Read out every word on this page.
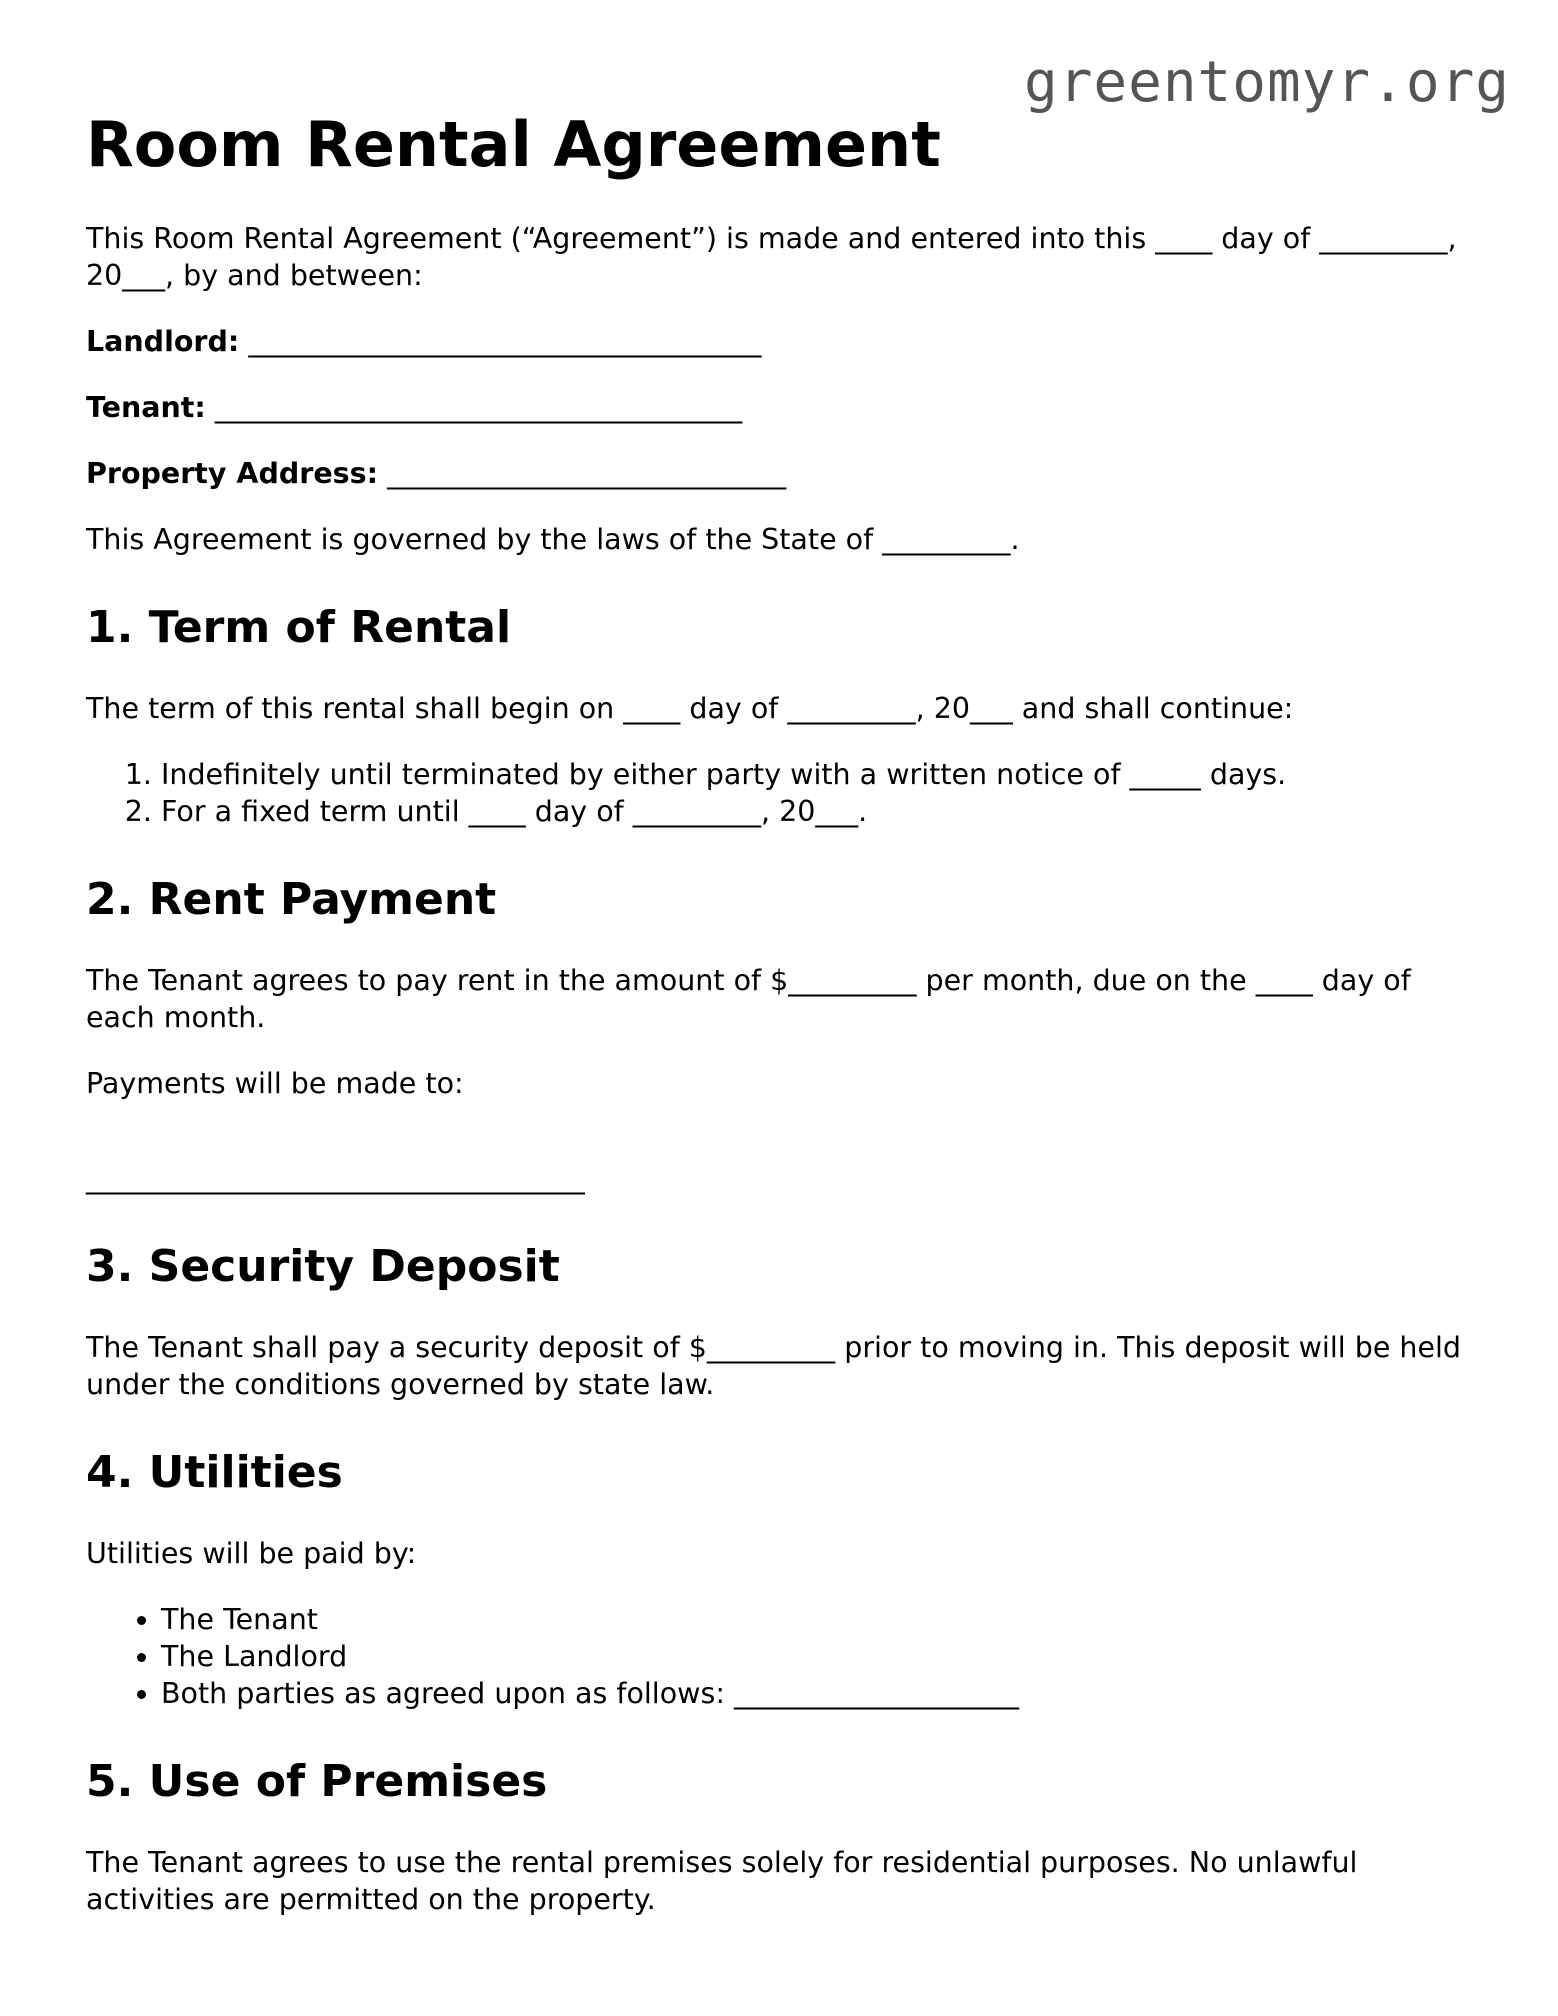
greentomyr.org
Room Rental Agreement

This Room Rental Agreement (“Agreement”) is made and entered into this ____ day of _________, 20___, by and between:

Landlord: ____________________________________

Tenant: _____________________________________

Property Address: ____________________________

This Agreement is governed by the laws of the State of _________.

1. Term of Rental

The term of this rental shall begin on ____ day of _________, 20___ and shall continue:

1. Indefinitely until terminated by either party with a written notice of _____ days.
2. For a fixed term until ____ day of _________, 20___.
2. Rent Payment

The Tenant agrees to pay rent in the amount of $_________ per month, due on the ____ day of each month.

Payments will be made to:

___________________________________
3. Security Deposit

The Tenant shall pay a security deposit of $_________ prior to moving in. This deposit will be held under the conditions governed by state law.

4. Utilities

Utilities will be paid by:

• The Tenant
• The Landlord
• Both parties as agreed upon as follows: ____________________
5. Use of Premises

The Tenant agrees to use the rental premises solely for residential purposes. No unlawful activities are permitted on the property.
